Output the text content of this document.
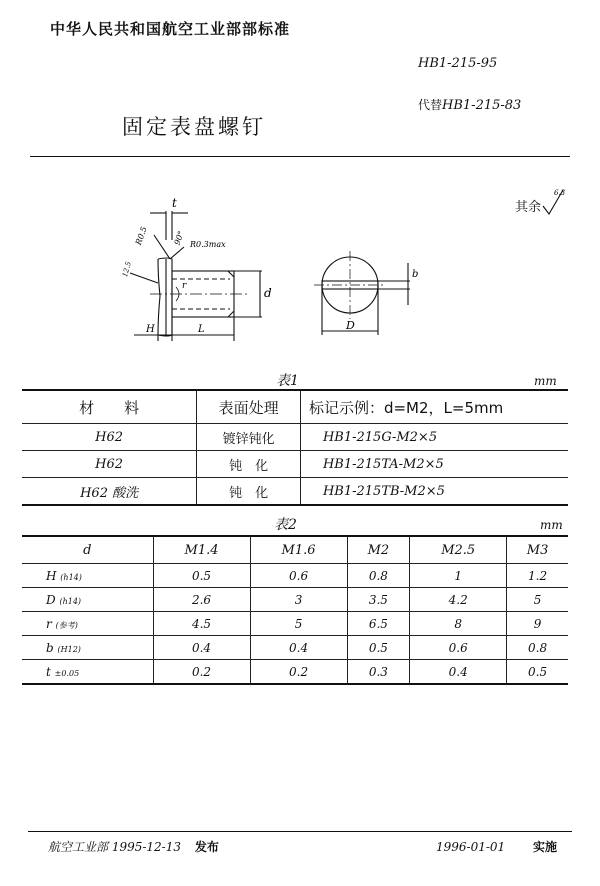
中华人民共和国航空工业部部标准
HB1-215-95
代替HB1-215-83
固定表盘螺钉
其余
6.3
t
R0.5	90° R0.3max
12.5
r	d
H	L
b
D
表1	mm
材　　料	表面处理	标记示例：d=M2，L=5mm
H62	镀锌钝化	HB1-215G-M2×5
H62	钝　化	HB1-215TA-M2×5
H62 酸洗	钝　化	HB1-215TB-M2×5
表2	mm
d	M1.4	M1.6	M2	M2.5	M3
H (h14)	0.5	0.6	0.8	1	1.2
D (h14)	2.6	3	3.5	4.2	5
r (参考)	4.5	5	6.5	8	9
b (H12)	0.4	0.4	0.5	0.6	0.8
t ±0.05	0.2	0.2	0.3	0.4	0.5
航空工业部 1995-12-13 发布	1996-01-01 实施
